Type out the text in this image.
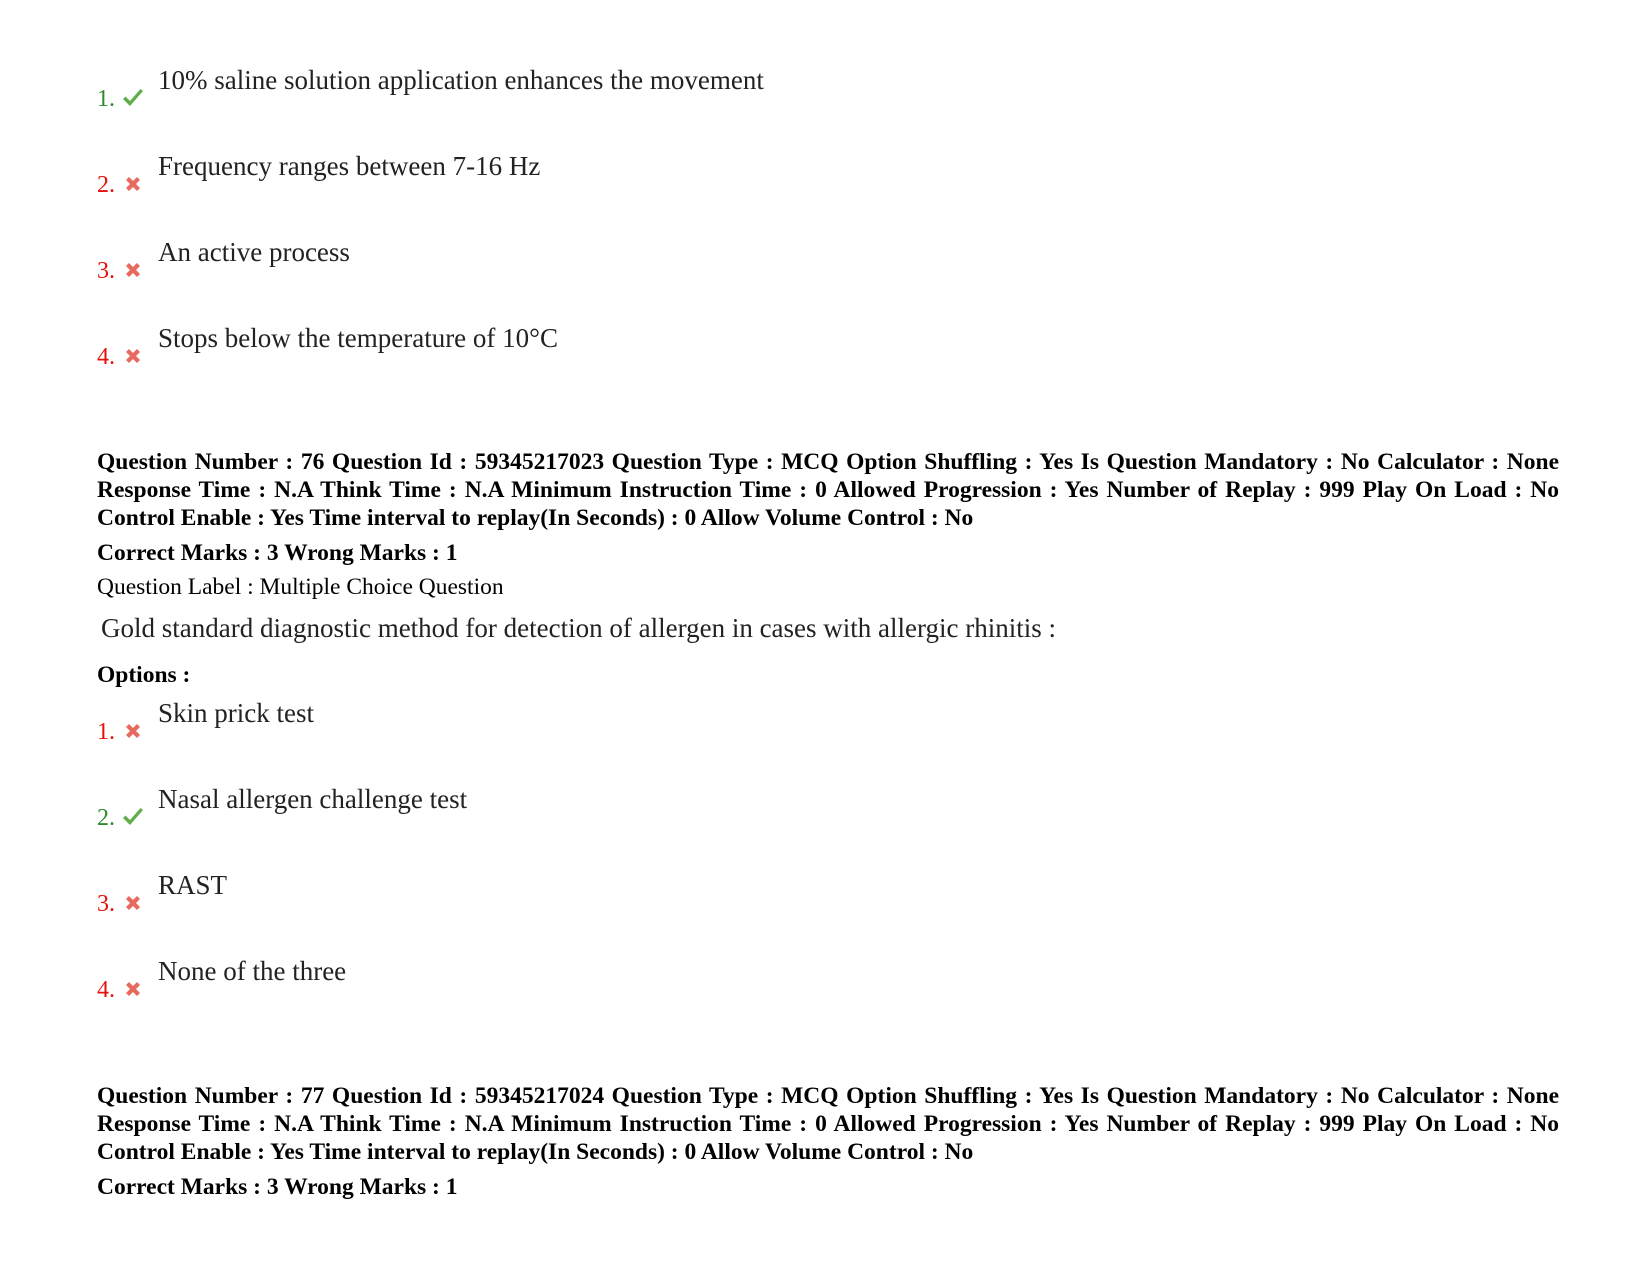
1.
10% saline solution application enhances the movement
2.
Frequency ranges between 7-16 Hz
3.
An active process
4.
Stops below the temperature of 10°C
Question Number : 76 Question Id : 59345217023 Question Type : MCQ Option Shuffling : Yes Is Question Mandatory : No Calculator : None Response Time : N.A Think Time : N.A Minimum Instruction Time : 0 Allowed Progression : Yes Number of Replay : 999 Play On Load : No Control Enable : Yes Time interval to replay(In Seconds) : 0 Allow Volume Control : No
Correct Marks : 3 Wrong Marks : 1
Question Label : Multiple Choice Question
Gold standard diagnostic method for detection of allergen in cases with allergic rhinitis :
Options :
1.
Skin prick test
2.
Nasal allergen challenge test
3.
RAST
4.
None of the three
Question Number : 77 Question Id : 59345217024 Question Type : MCQ Option Shuffling : Yes Is Question Mandatory : No Calculator : None Response Time : N.A Think Time : N.A Minimum Instruction Time : 0 Allowed Progression : Yes Number of Replay : 999 Play On Load : No Control Enable : Yes Time interval to replay(In Seconds) : 0 Allow Volume Control : No
Correct Marks : 3 Wrong Marks : 1
